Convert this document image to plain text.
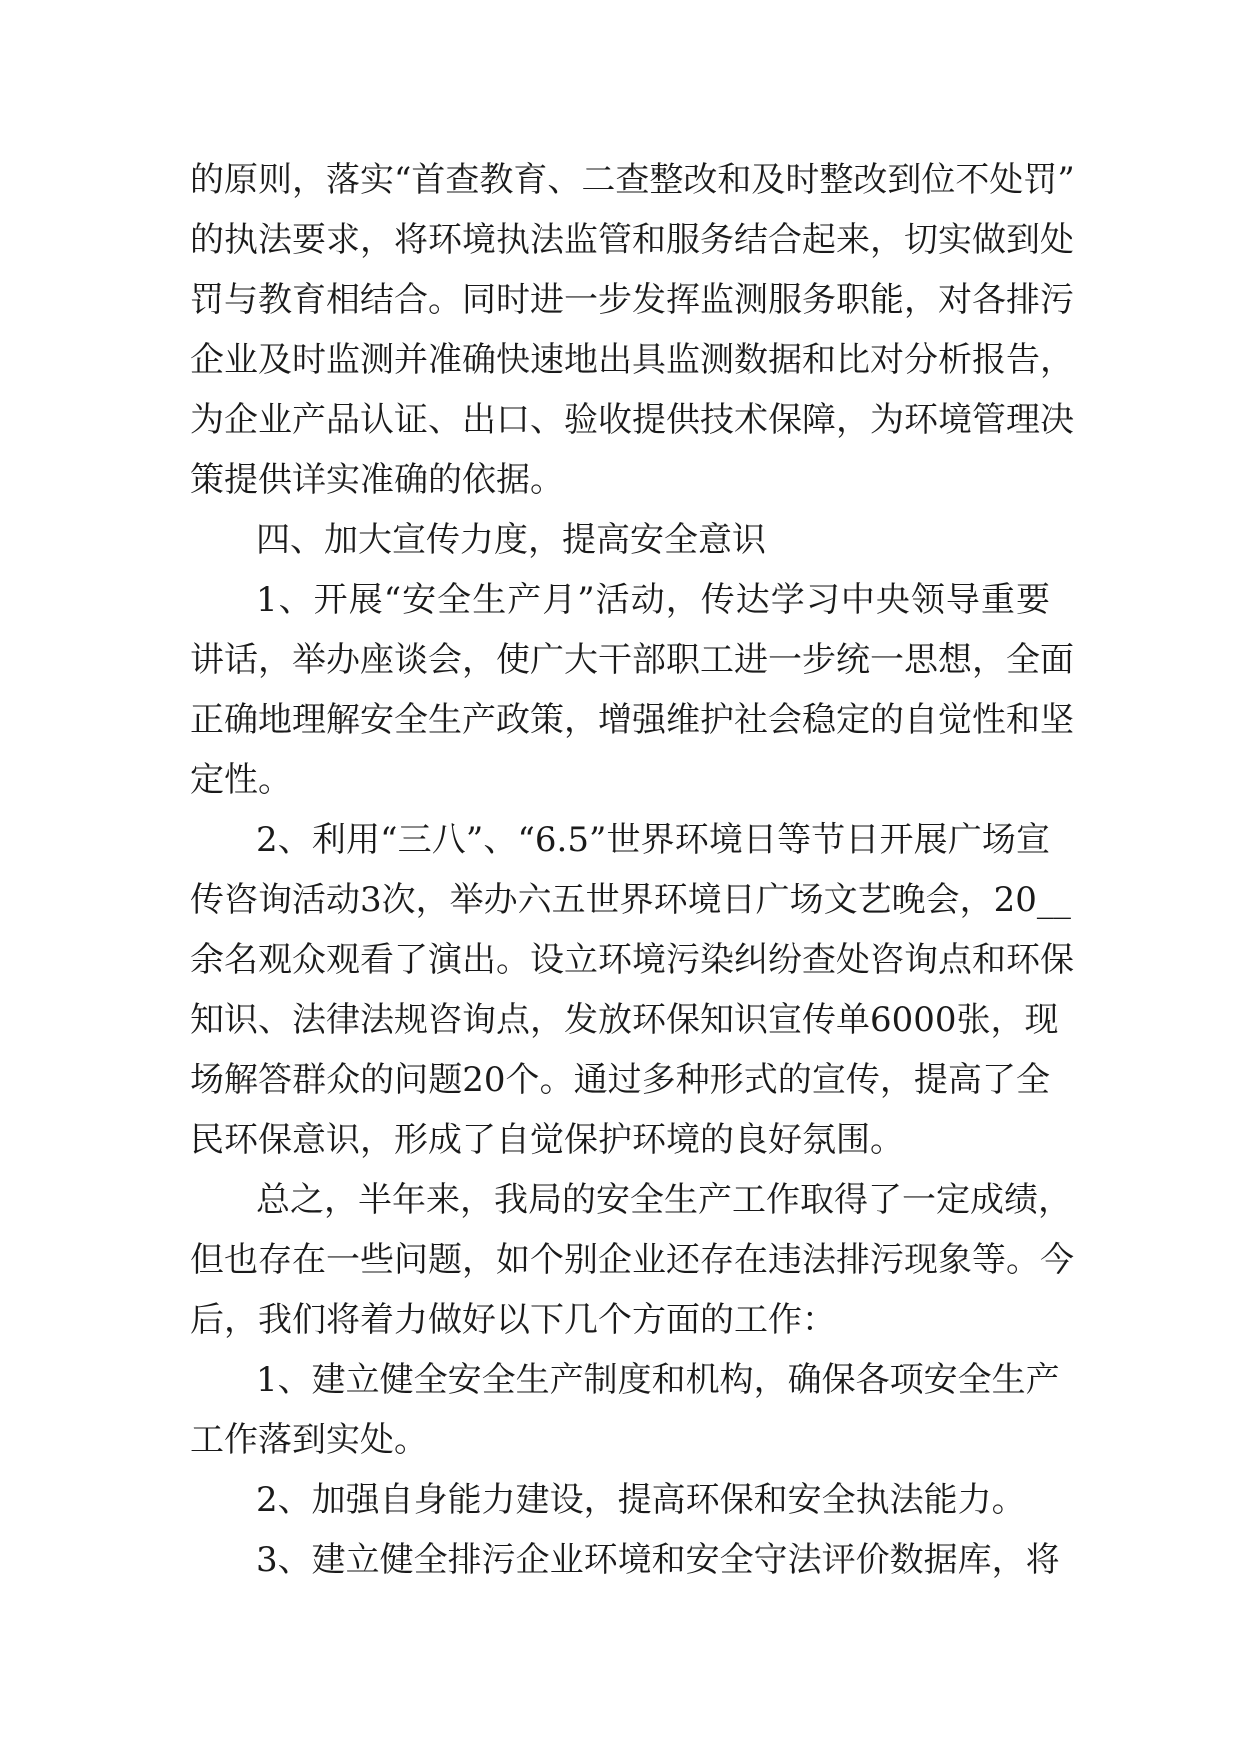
的原则，落实“首查教育、二查整改和及时整改到位不处罚”
的执法要求，将环境执法监管和服务结合起来，切实做到处
罚与教育相结合。同时进一步发挥监测服务职能，对各排污
企业及时监测并准确快速地出具监测数据和比对分析报告，
为企业产品认证、出口、验收提供技术保障，为环境管理决
策提供详实准确的依据。
四、加大宣传力度，提高安全意识
1、开展“安全生产月”活动，传达学习中央领导重要
讲话，举办座谈会，使广大干部职工进一步统一思想，全面
正确地理解安全生产政策，增强维护社会稳定的自觉性和坚
定性。
2、利用“三八”、“6.5”世界环境日等节日开展广场宣
传咨询活动3次，举办六五世界环境日广场文艺晚会，20__
余名观众观看了演出。设立环境污染纠纷查处咨询点和环保
知识、法律法规咨询点，发放环保知识宣传单6000张，现
场解答群众的问题20个。通过多种形式的宣传，提高了全
民环保意识，形成了自觉保护环境的良好氛围。
总之，半年来，我局的安全生产工作取得了一定成绩，
但也存在一些问题，如个别企业还存在违法排污现象等。今
后，我们将着力做好以下几个方面的工作：
1、建立健全安全生产制度和机构，确保各项安全生产
工作落到实处。
2、加强自身能力建设，提高环保和安全执法能力。
3、建立健全排污企业环境和安全守法评价数据库，将
